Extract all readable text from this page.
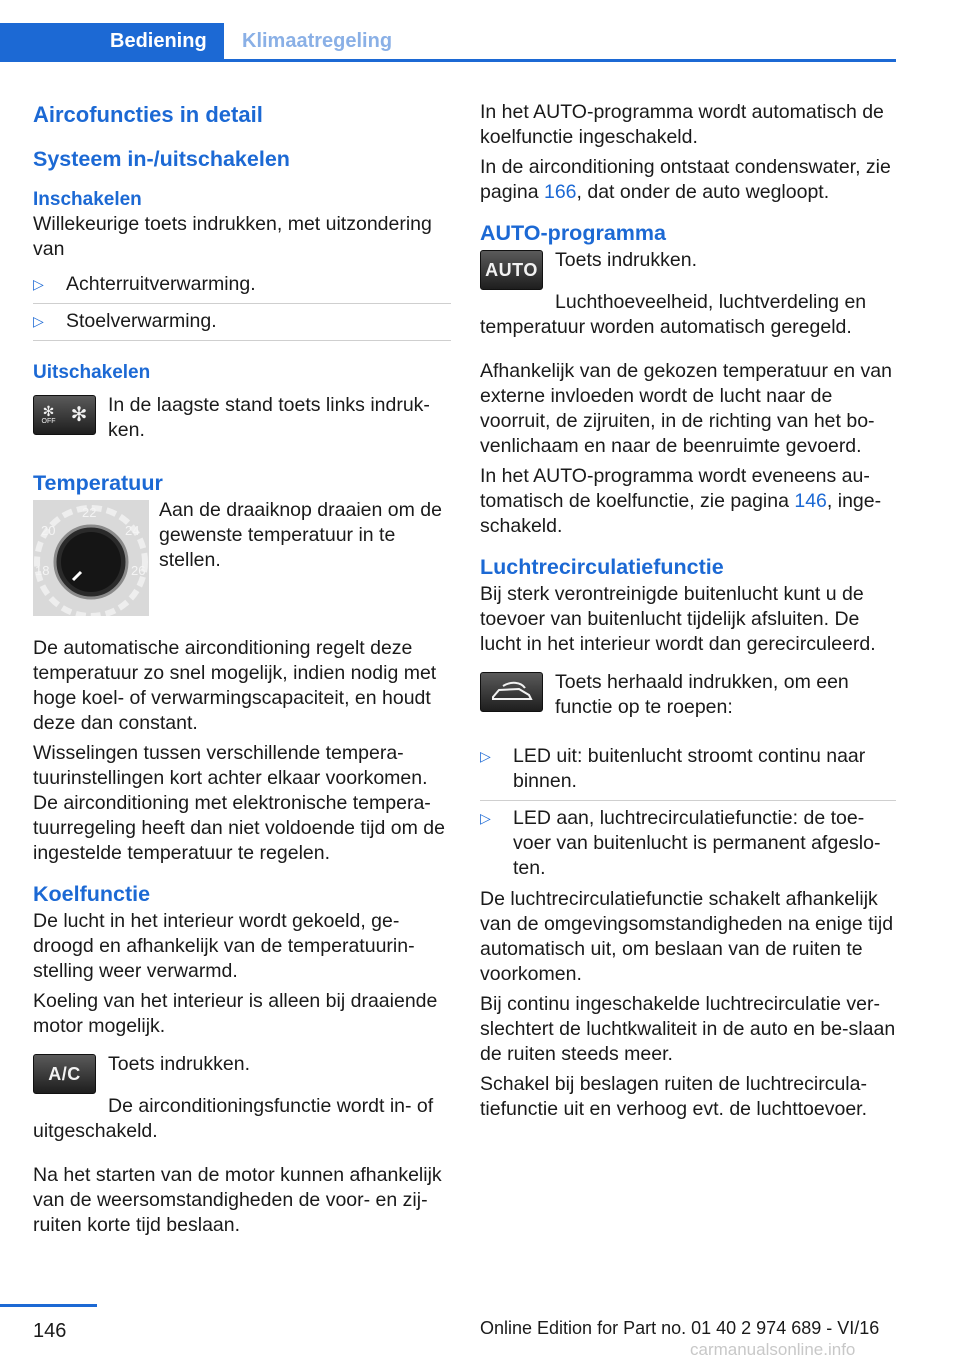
Bediening	Klimaatregeling
Aircofuncties in detail
Systeem in-/uitschakelen
Inschakelen

Willekeurige toets indrukken, met uitzondering van

▷ Achterruitverwarming.
▷ Stoelverwarming.
Uitschakelen
✻
OFF ✻ In de laagste stand toets links indruk-ken.

Temperatuur
18
20
22
24
26

Aan de draaiknop draaien om de gewenste temperatuur in te stellen.

De automatische airconditioning regelt deze temperatuur zo snel mogelijk, indien nodig met hoge koel- of verwarmingscapaciteit, en houdt deze dan constant.

Wisselingen tussen verschillende tempera-tuurinstellingen kort achter elkaar voorkomen. De airconditioning met elektronische tempera-tuurregeling heeft dan niet voldoende tijd om de ingestelde temperatuur te regelen.

Koelfunctie

De lucht in het interieur wordt gekoeld, ge-droogd en afhankelijk van de temperatuurin-stelling weer verwarmd.

Koeling van het interieur is alleen bij draaiende motor mogelijk.

A/C Toets indrukken.

De airconditioningsfunctie wordt in- of uitgeschakeld.

Na het starten van de motor kunnen afhankelijk van de weersomstandigheden de voor- en zij-ruiten korte tijd beslaan.

In het AUTO-programma wordt automatisch de koelfunctie ingeschakeld.

In de airconditioning ontstaat condenswater, zie pagina 166, dat onder de auto wegloopt.

AUTO-programma
AUTO Toets indrukken.

Luchthoeveelheid, luchtverdeling en temperatuur worden automatisch geregeld.

Afhankelijk van de gekozen temperatuur en van externe invloeden wordt de lucht naar de voorruit, de zijruiten, in de richting van het bo-venlichaam en naar de beenruimte gevoerd.

In het AUTO-programma wordt eveneens au-tomatisch de koelfunctie, zie pagina 146, inge-schakeld.

Luchtrecirculatiefunctie

Bij sterk verontreinigde buitenlucht kunt u de toevoer van buitenlucht tijdelijk afsluiten. De lucht in het interieur wordt dan gerecirculeerd.

Toets herhaald indrukken, om een functie op te roepen:

▷ LED uit: buitenlucht stroomt continu naar binnen.
▷ LED aan, luchtrecirculatiefunctie: de toe-voer van buitenlucht is permanent afgeslo-ten.

De luchtrecirculatiefunctie schakelt afhankelijk van de omgevingsomstandigheden na enige tijd automatisch uit, om beslaan van de ruiten te voorkomen.

Bij continu ingeschakelde luchtrecirculatie ver-slechtert de luchtkwaliteit in de auto en be-slaan de ruiten steeds meer.

Schakel bij beslagen ruiten de luchtrecircula-tiefunctie uit en verhoog evt. de luchttoevoer.

146	Online Edition for Part no. 01 40 2 974 689 - VI/16
carmanualsonline.info
